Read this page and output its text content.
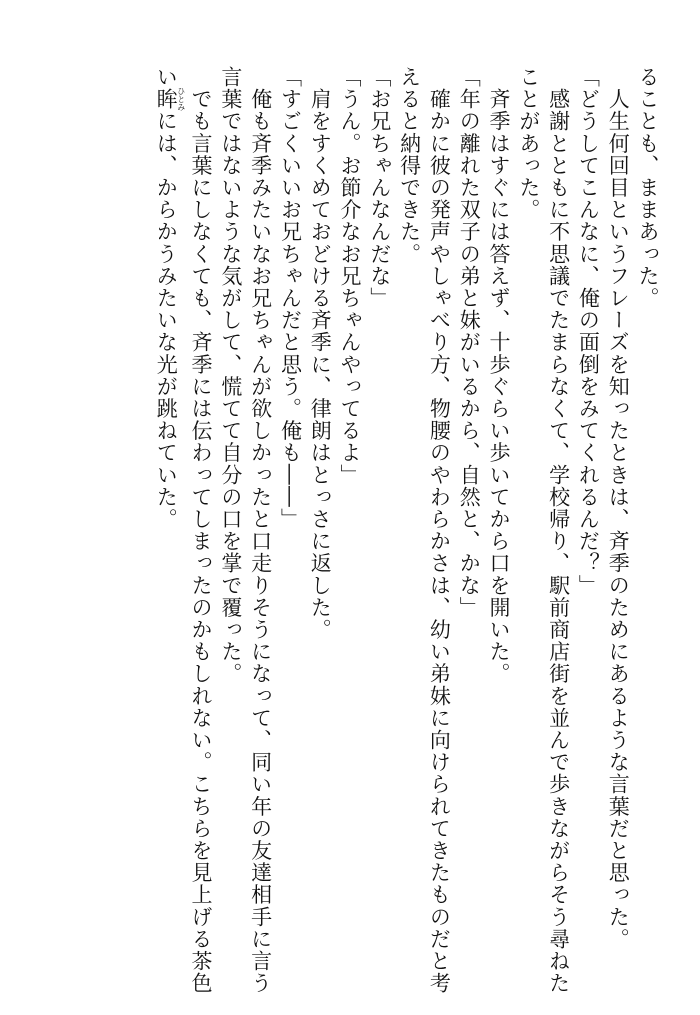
ることも、ままあった。
　人生何回目というフレーズを知ったときは、斉季のためにあるような言葉だと思った。
「どうしてこんなに、俺の面倒をみてくれるんだ？」
　感謝とともに不思議でたまらなくて、学校帰り、駅前商店街を並んで歩きながらそう尋ねた
ことがあった。
　斉季はすぐには答えず、十歩ぐらい歩いてから口を開いた。
「年の離れた双子の弟と妹がいるから、自然と、かな」
　確かに彼の発声やしゃべり方、物腰のやわらかさは、幼い弟妹に向けられてきたものだと考
えると納得できた。
「お兄ちゃんなんだな」
「うん。お節介なお兄ちゃんやってるよ」
　肩をすくめておどける斉季に、律朗はとっさに返した。
「すごくいいお兄ちゃんだと思う。俺も――」
　俺も斉季みたいなお兄ちゃんが欲しかったと口走りそうになって、同い年の友達相手に言う
言葉ではないような気がして、慌てて自分の口を掌で覆った。
　でも言葉にしなくても、斉季には伝わってしまったのかもしれない。こちらを見上げる茶色
い眸ひとみには、からかうみたいな光が跳ねていた。
